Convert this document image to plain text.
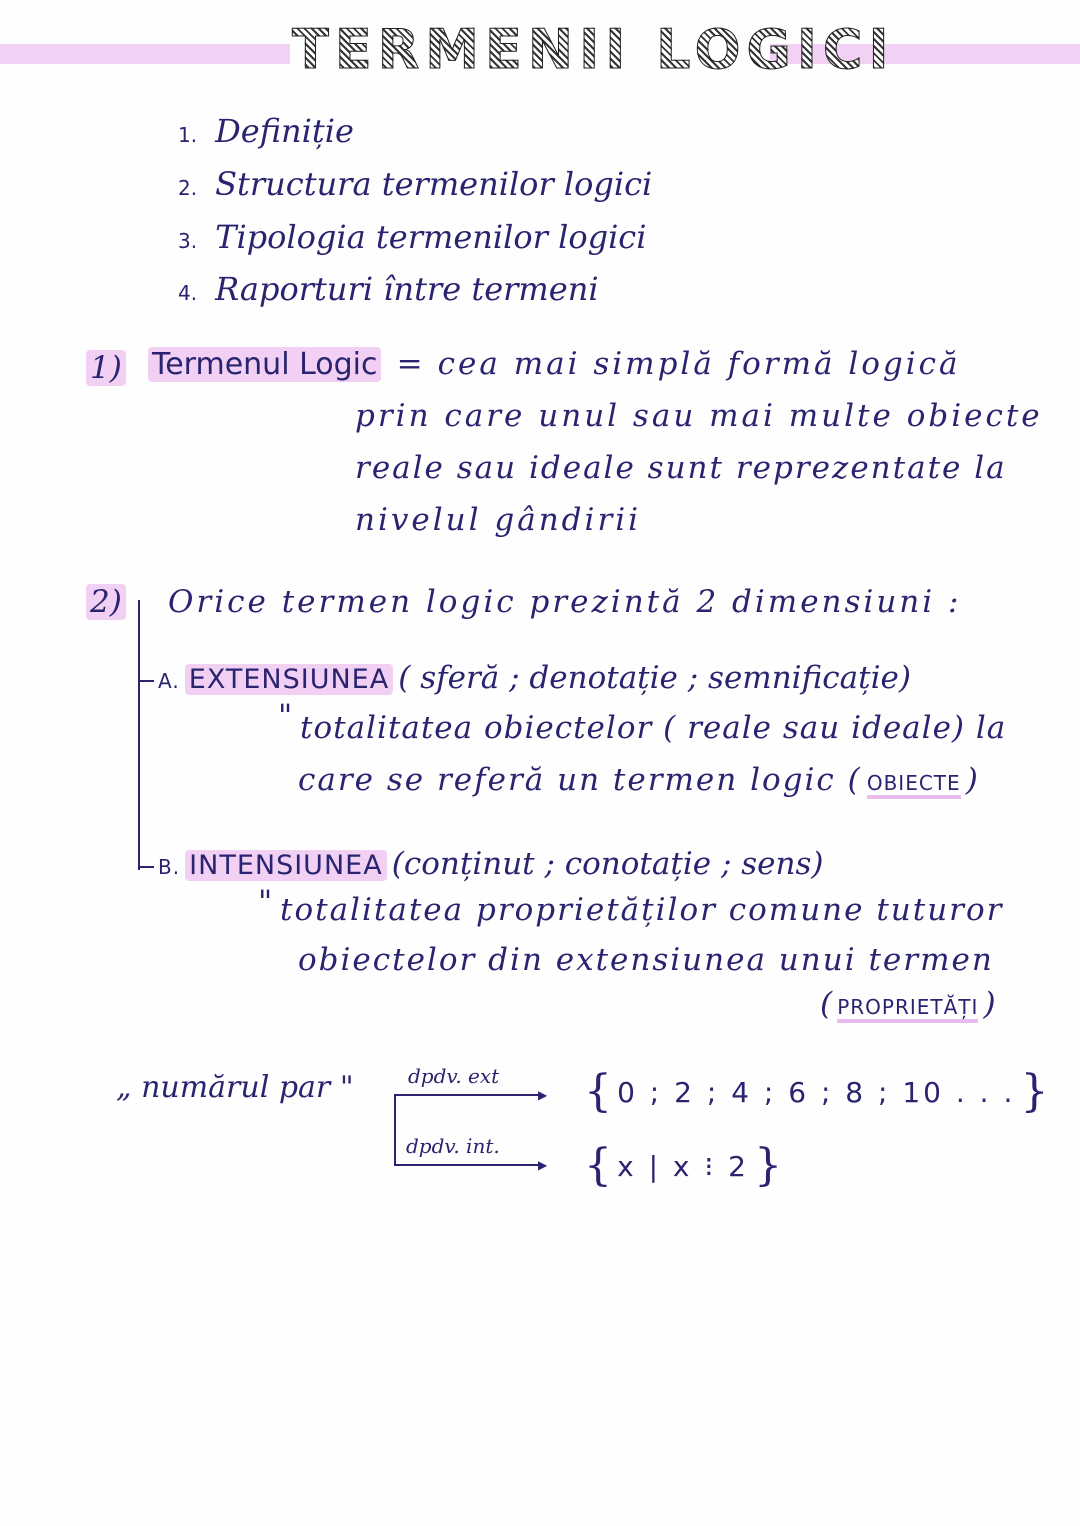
TERMENII LOGICI
1. Definiție
2. Structura termenilor logici
3. Tipologia termenilor logici
4. Raporturi între termeni
1) Termenul Logic = cea mai simplă formă logică
prin care unul sau mai multe obiecte
reale sau ideale sunt reprezentate la
nivelul gândirii
2) Orice termen logic prezintă 2 dimensiuni :
A. EXTENSIUNEA ( sferă ; denotație ; semnificație)
" totalitatea obiectelor ( reale sau ideale) la
care se referă un termen logic ( OBIECTE )
B. INTENSIUNEA (conținut ; conotație ; sens)
" totalitatea proprietăților comune tuturor
obiectelor din extensiunea unui termen
( PROPRIETĂȚI )
„ numărul par "	▶
▶
dpdv. ext
dpdv. int.
{ 0 ; 2 ; 4 ; 6 ; 8 ; 10 . . . }
{ x | x ⁝ 2 }
